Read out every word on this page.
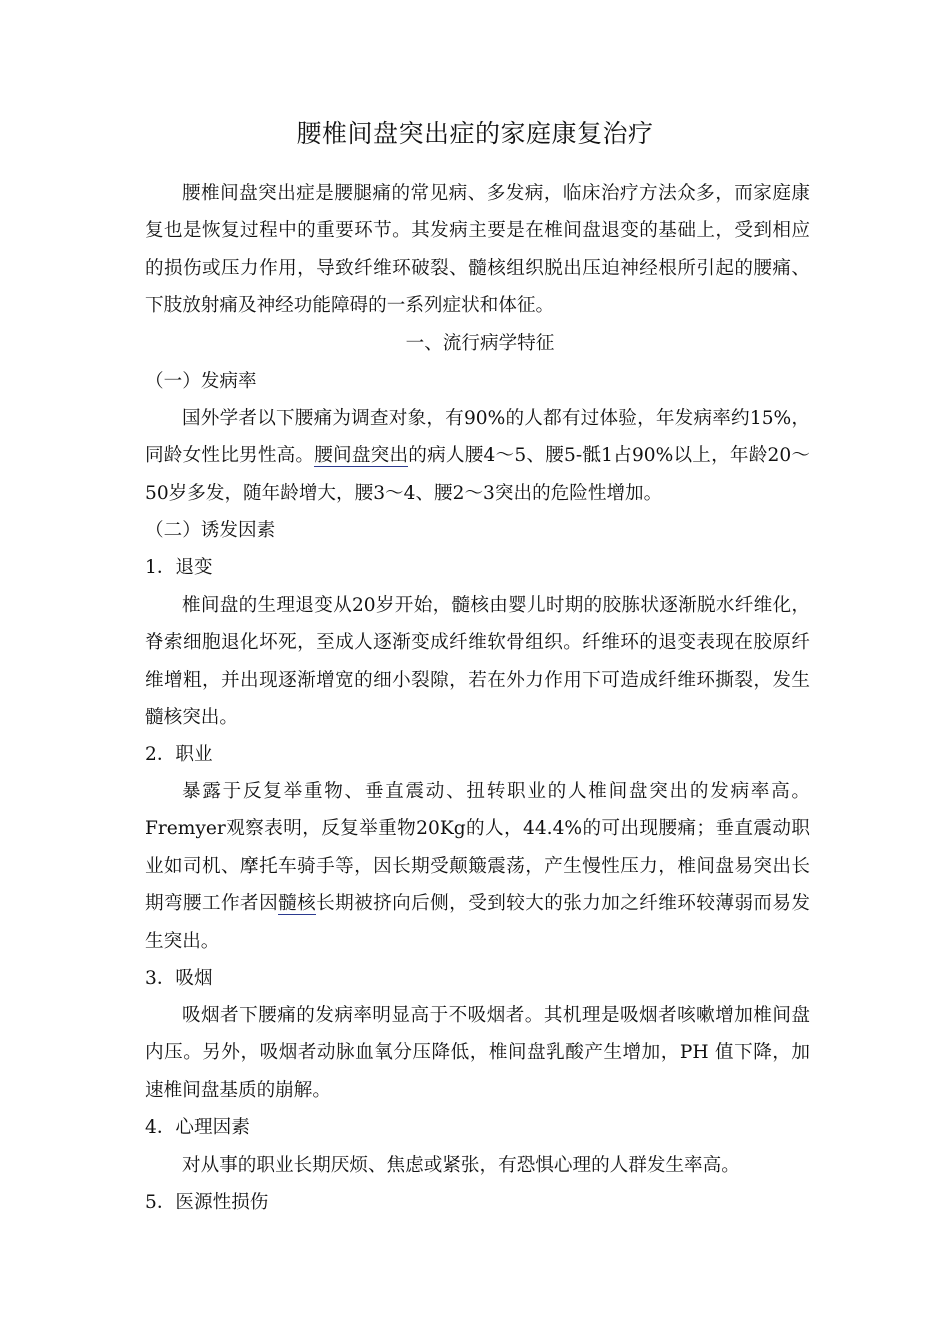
腰椎间盘突出症的家庭康复治疗
腰椎间盘突出症是腰腿痛的常见病、多发病，临床治疗方法众多，而家庭康复也是恢复过程中的重要环节。其发病主要是在椎间盘退变的基础上，受到相应的损伤或压力作用，导致纤维环破裂、髓核组织脱出压迫神经根所引起的腰痛、下肢放射痛及神经功能障碍的一系列症状和体征。
一、流行病学特征
（一）发病率
国外学者以下腰痛为调查对象，有90%的人都有过体验，年发病率约15%，同龄女性比男性高。腰间盘突出的病人腰4～5、腰5-骶1占90%以上，年龄20～50岁多发，随年龄增大，腰3～4、腰2～3突出的危险性增加。
（二）诱发因素
1．退变
椎间盘的生理退变从20岁开始，髓核由婴儿时期的胶胨状逐渐脱水纤维化，脊索细胞退化坏死，至成人逐渐变成纤维软骨组织。纤维环的退变表现在胶原纤维增粗，并出现逐渐增宽的细小裂隙，若在外力作用下可造成纤维环撕裂，发生髓核突出。
2．职业
暴露于反复举重物、垂直震动、扭转职业的人椎间盘突出的发病率高。Fremyer观察表明，反复举重物20Kg的人，44.4%的可出现腰痛；垂直震动职业如司机、摩托车骑手等，因长期受颠簸震荡，产生慢性压力，椎间盘易突出长期弯腰工作者因髓核长期被挤向后侧，受到较大的张力加之纤维环较薄弱而易发生突出。
3．吸烟
吸烟者下腰痛的发病率明显高于不吸烟者。其机理是吸烟者咳嗽增加椎间盘内压。另外，吸烟者动脉血氧分压降低，椎间盘乳酸产生增加，PH 值下降，加速椎间盘基质的崩解。
4．心理因素
对从事的职业长期厌烦、焦虑或紧张，有恐惧心理的人群发生率高。
5．医源性损伤
